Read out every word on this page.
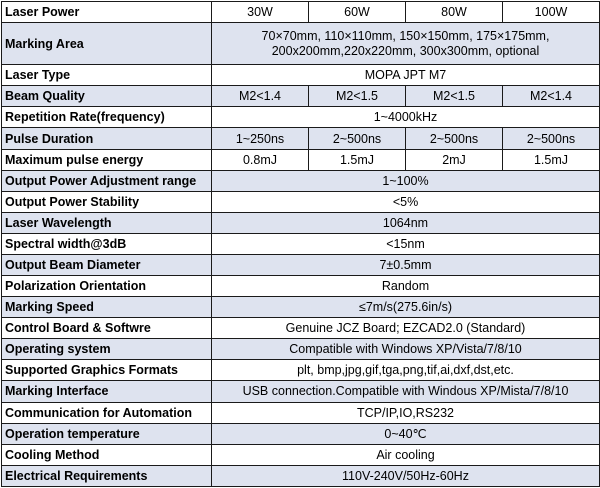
Laser Power	30W	60W	80W	100W
Marking Area	70×70mm, 110×110mm, 150×150mm, 175×175mm,
200x200mm,220x220mm, 300x300mm, optional			

Laser Type	MOPA JPT M7			
Beam Quality	M2<1.4	M2<1.5	M2<1.5	M2<1.4
Repetition Rate(frequency)	1~4000kHz			
Pulse Duration	1~250ns	2~500ns	2~500ns	2~500ns
Maximum pulse energy	0.8mJ	1.5mJ	2mJ	1.5mJ
Output Power Adjustment range	1~100%			
Output Power Stability	<5%			
Laser Wavelength	1064nm			
Spectral width@3dB	<15nm			
Output Beam Diameter	7±0.5mm			
Polarization Orientation	Random			
Marking Speed	≤7m/s(275.6in/s)			
Control Board & Softwre	Genuine JCZ Board; EZCAD2.0 (Standard)			
Operating system	Compatible with Windows XP/Vista/7/8/10			
Supported Graphics Formats	plt, bmp,jpg,gif,tga,png,tif,ai,dxf,dst,etc.			
Marking Interface	USB connection.Compatible with Windous XP/Mista/7/8/10			
Communication for Automation	TCP/IP,IO,RS232			
Operation temperature	0~40℃			
Cooling Method	Air cooling			
Electrical Requirements	110V-240V/50Hz-60Hz			
